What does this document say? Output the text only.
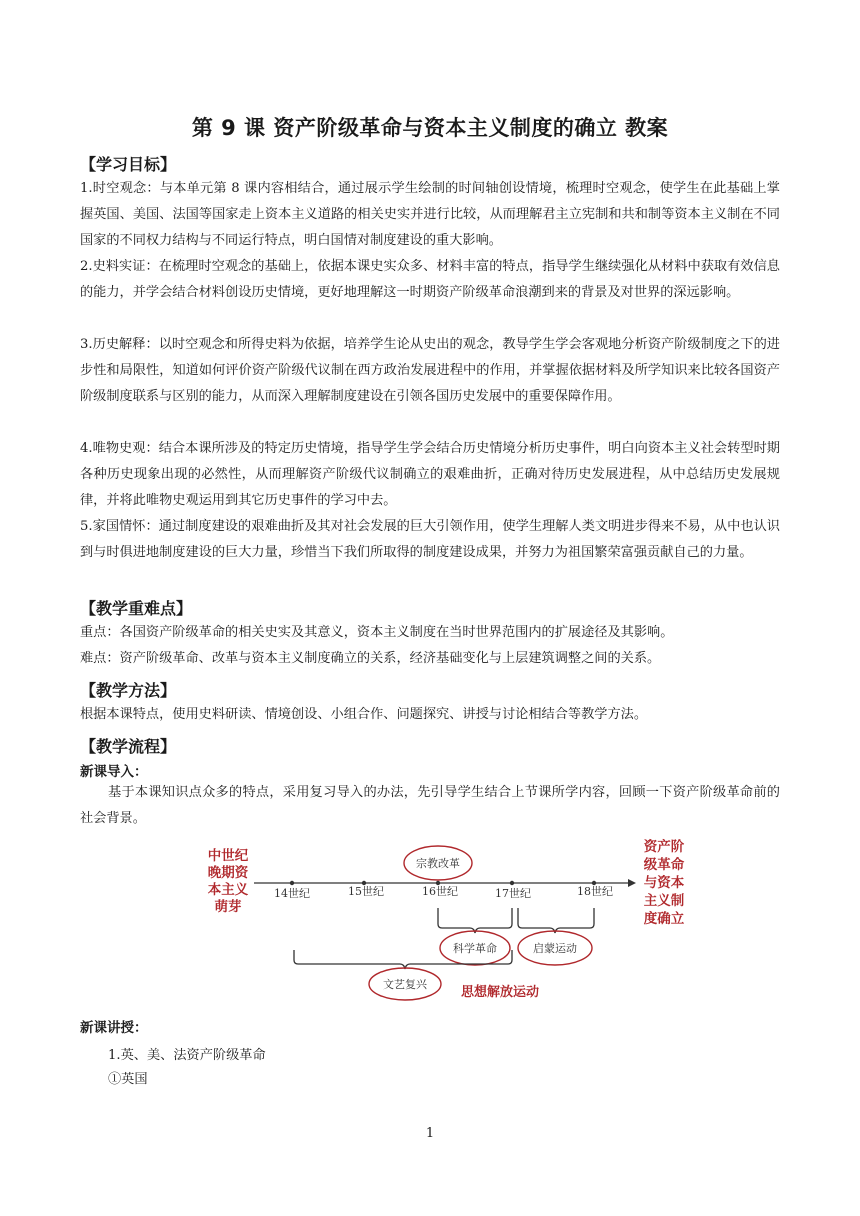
第 9 课 资产阶级革命与资本主义制度的确立 教案
【学习目标】
1.时空观念：与本单元第 8 课内容相结合，通过展示学生绘制的时间轴创设情境，梳理时空观念，使学生在此基础上掌握英国、美国、法国等国家走上资本主义道路的相关史实并进行比较，从而理解君主立宪制和共和制等资本主义制在不同国家的不同权力结构与不同运行特点，明白国情对制度建设的重大影响。
2.史料实证：在梳理时空观念的基础上，依据本课史实众多、材料丰富的特点，指导学生继续强化从材料中获取有效信息的能力，并学会结合材料创设历史情境，更好地理解这一时期资产阶级革命浪潮到来的背景及对世界的深远影响。
3.历史解释：以时空观念和所得史料为依据，培养学生论从史出的观念，教导学生学会客观地分析资产阶级制度之下的进步性和局限性，知道如何评价资产阶级代议制在西方政治发展进程中的作用，并掌握依据材料及所学知识来比较各国资产阶级制度联系与区别的能力，从而深入理解制度建设在引领各国历史发展中的重要保障作用。
4.唯物史观：结合本课所涉及的特定历史情境，指导学生学会结合历史情境分析历史事件，明白向资本主义社会转型时期各种历史现象出现的必然性，从而理解资产阶级代议制确立的艰难曲折，正确对待历史发展进程，从中总结历史发展规律，并将此唯物史观运用到其它历史事件的学习中去。
5.家国情怀：通过制度建设的艰难曲折及其对社会发展的巨大引领作用，使学生理解人类文明进步得来不易，从中也认识到与时俱进地制度建设的巨大力量，珍惜当下我们所取得的制度建设成果，并努力为祖国繁荣富强贡献自己的力量。
【教学重难点】
重点：各国资产阶级革命的相关史实及其意义，资本主义制度在当时世界范围内的扩展途径及其影响。
难点：资产阶级革命、改革与资本主义制度确立的关系，经济基础变化与上层建筑调整之间的关系。
【教学方法】
根据本课特点，使用史料研读、情境创设、小组合作、问题探究、讲授与讨论相结合等教学方法。
【教学流程】
新课导入：
基于本课知识点众多的特点，采用复习导入的办法，先引导学生结合上节课所学内容，回顾一下资产阶级革命前的社会背景。
中世纪
晚期资
本主义
萌芽
资产阶
级革命
与资本
主义制
度确立
14世纪	15世纪	16世纪	17世纪	18世纪
宗教改革
科学革命	启蒙运动
文艺复兴
思想解放运动
新课讲授：
1.英、美、法资产阶级革命
①英国
1
